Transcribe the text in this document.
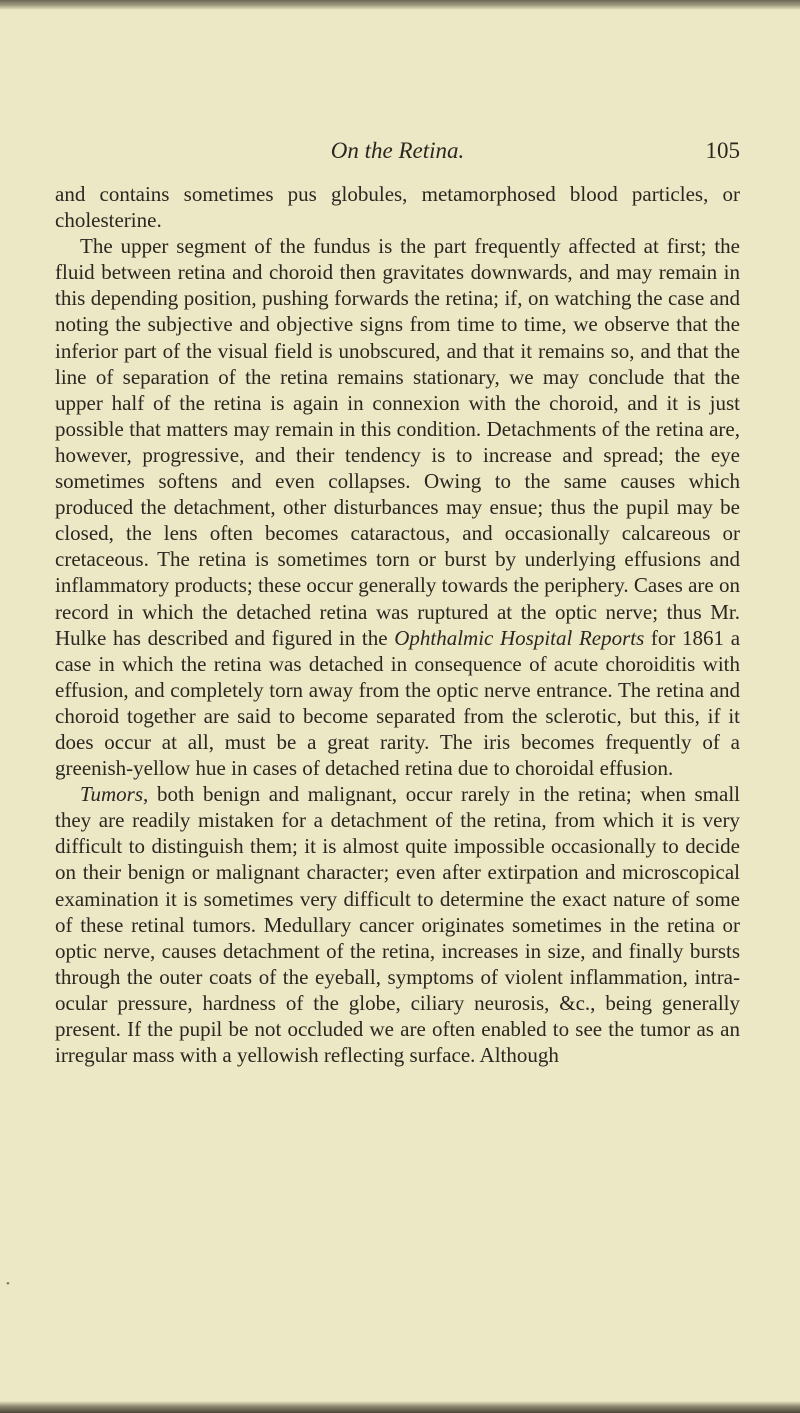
On the Retina.	105

and contains sometimes pus globules, metamorphosed blood particles, or cholesterine.

The upper segment of the fundus is the part frequently affected at first; the fluid between retina and choroid then gravitates downwards, and may remain in this depending position, pushing forwards the retina; if, on watching the case and noting the subjective and objective signs from time to time, we observe that the inferior part of the visual field is unobscured, and that it remains so, and that the line of separation of the retina remains stationary, we may conclude that the upper half of the retina is again in connexion with the choroid, and it is just possible that matters may remain in this condition. Detachments of the retina are, however, progressive, and their tendency is to increase and spread; the eye sometimes softens and even collapses. Owing to the same causes which produced the detachment, other disturbances may ensue; thus the pupil may be closed, the lens often becomes cataractous, and occasionally calcareous or cretaceous. The retina is sometimes torn or burst by underlying effusions and inflammatory products; these occur generally towards the periphery. Cases are on record in which the detached retina was ruptured at the optic nerve; thus Mr. Hulke has described and figured in the Ophthalmic Hospital Reports for 1861 a case in which the retina was detached in consequence of acute choroiditis with effusion, and completely torn away from the optic nerve entrance. The retina and choroid together are said to become separated from the sclerotic, but this, if it does occur at all, must be a great rarity. The iris becomes frequently of a greenish-yellow hue in cases of detached retina due to choroidal effusion.

Tumors, both benign and malignant, occur rarely in the retina; when small they are readily mistaken for a detachment of the retina, from which it is very difficult to distinguish them; it is almost quite impossible occasionally to decide on their benign or malignant character; even after extirpation and microscopical examination it is sometimes very difficult to determine the exact nature of some of these retinal tumors. Medullary cancer originates sometimes in the retina or optic nerve, causes detachment of the retina, increases in size, and finally bursts through the outer coats of the eyeball, symptoms of violent inflammation, intra-ocular pressure, hardness of the globe, ciliary neurosis, &c., being generally present. If the pupil be not occluded we are often enabled to see the tumor as an irregular mass with a yellowish reflecting surface. Although

•
